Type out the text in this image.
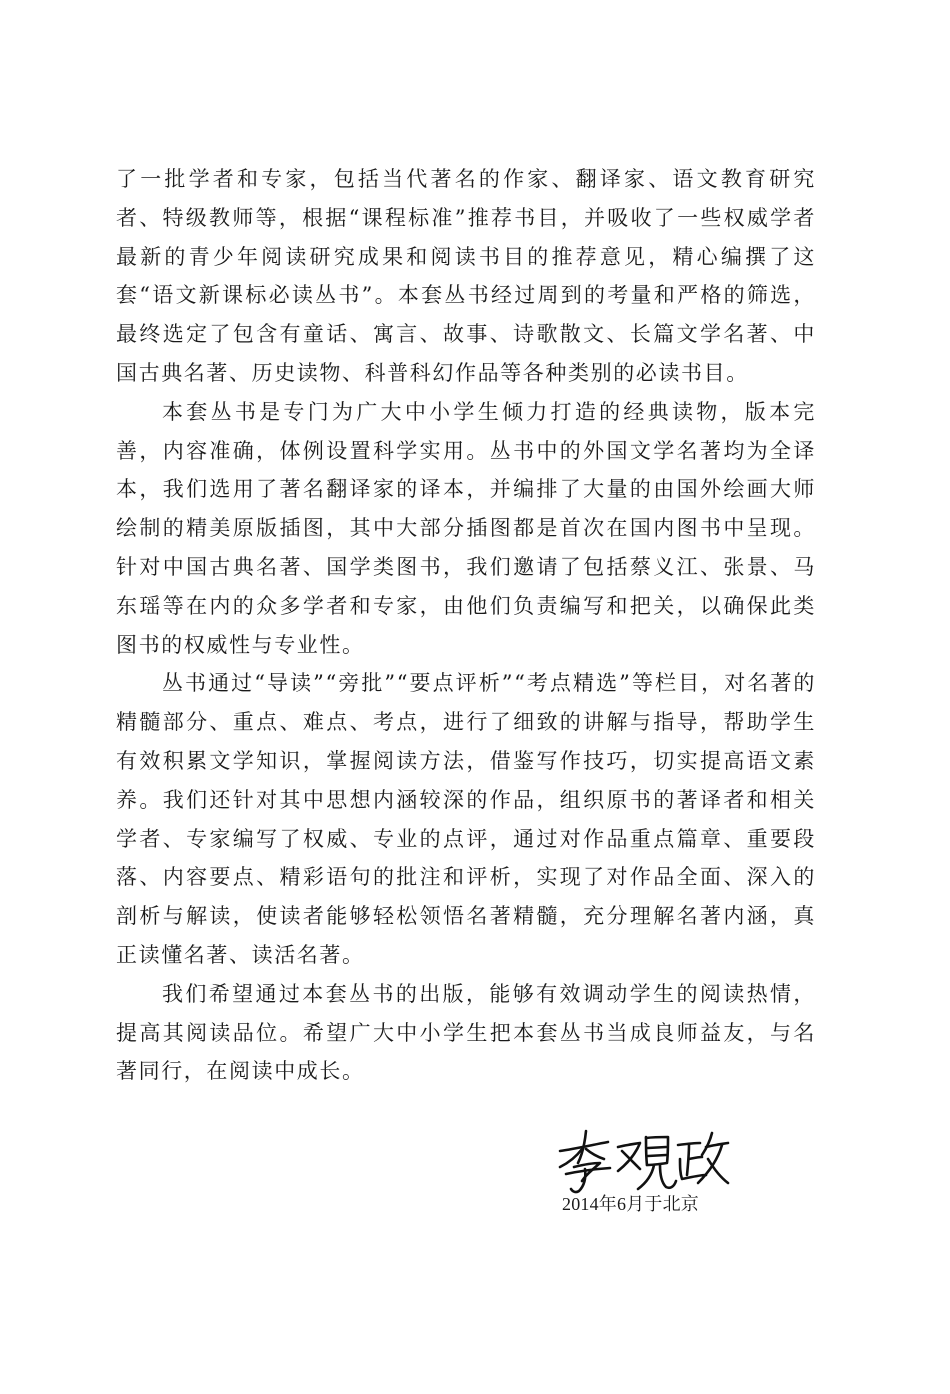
了一批学者和专家，包括当代著名的作家、翻译家、语文教育研究者、特级教师等，根据“课程标准”推荐书目，并吸收了一些权威学者最新的青少年阅读研究成果和阅读书目的推荐意见，精心编撰了这套“语文新课标必读丛书”。本套丛书经过周到的考量和严格的筛选，最终选定了包含有童话、寓言、故事、诗歌散文、长篇文学名著、中国古典名著、历史读物、科普科幻作品等各种类别的必读书目。

本套丛书是专门为广大中小学生倾力打造的经典读物，版本完善，内容准确，体例设置科学实用。丛书中的外国文学名著均为全译本，我们选用了著名翻译家的译本，并编排了大量的由国外绘画大师绘制的精美原版插图，其中大部分插图都是首次在国内图书中呈现。针对中国古典名著、国学类图书，我们邀请了包括蔡义江、张景、马东瑶等在内的众多学者和专家，由他们负责编写和把关，以确保此类图书的权威性与专业性。

丛书通过“导读”“旁批”“要点评析”“考点精选”等栏目，对名著的精髓部分、重点、难点、考点，进行了细致的讲解与指导，帮助学生有效积累文学知识，掌握阅读方法，借鉴写作技巧，切实提高语文素养。我们还针对其中思想内涵较深的作品，组织原书的著译者和相关学者、专家编写了权威、专业的点评，通过对作品重点篇章、重要段落、内容要点、精彩语句的批注和评析，实现了对作品全面、深入的剖析与解读，使读者能够轻松领悟名著精髓，充分理解名著内涵，真正读懂名著、读活名著。

我们希望通过本套丛书的出版，能够有效调动学生的阅读热情，提高其阅读品位。希望广大中小学生把本套丛书当成良师益友，与名著同行，在阅读中成长。

2014年6月于北京
